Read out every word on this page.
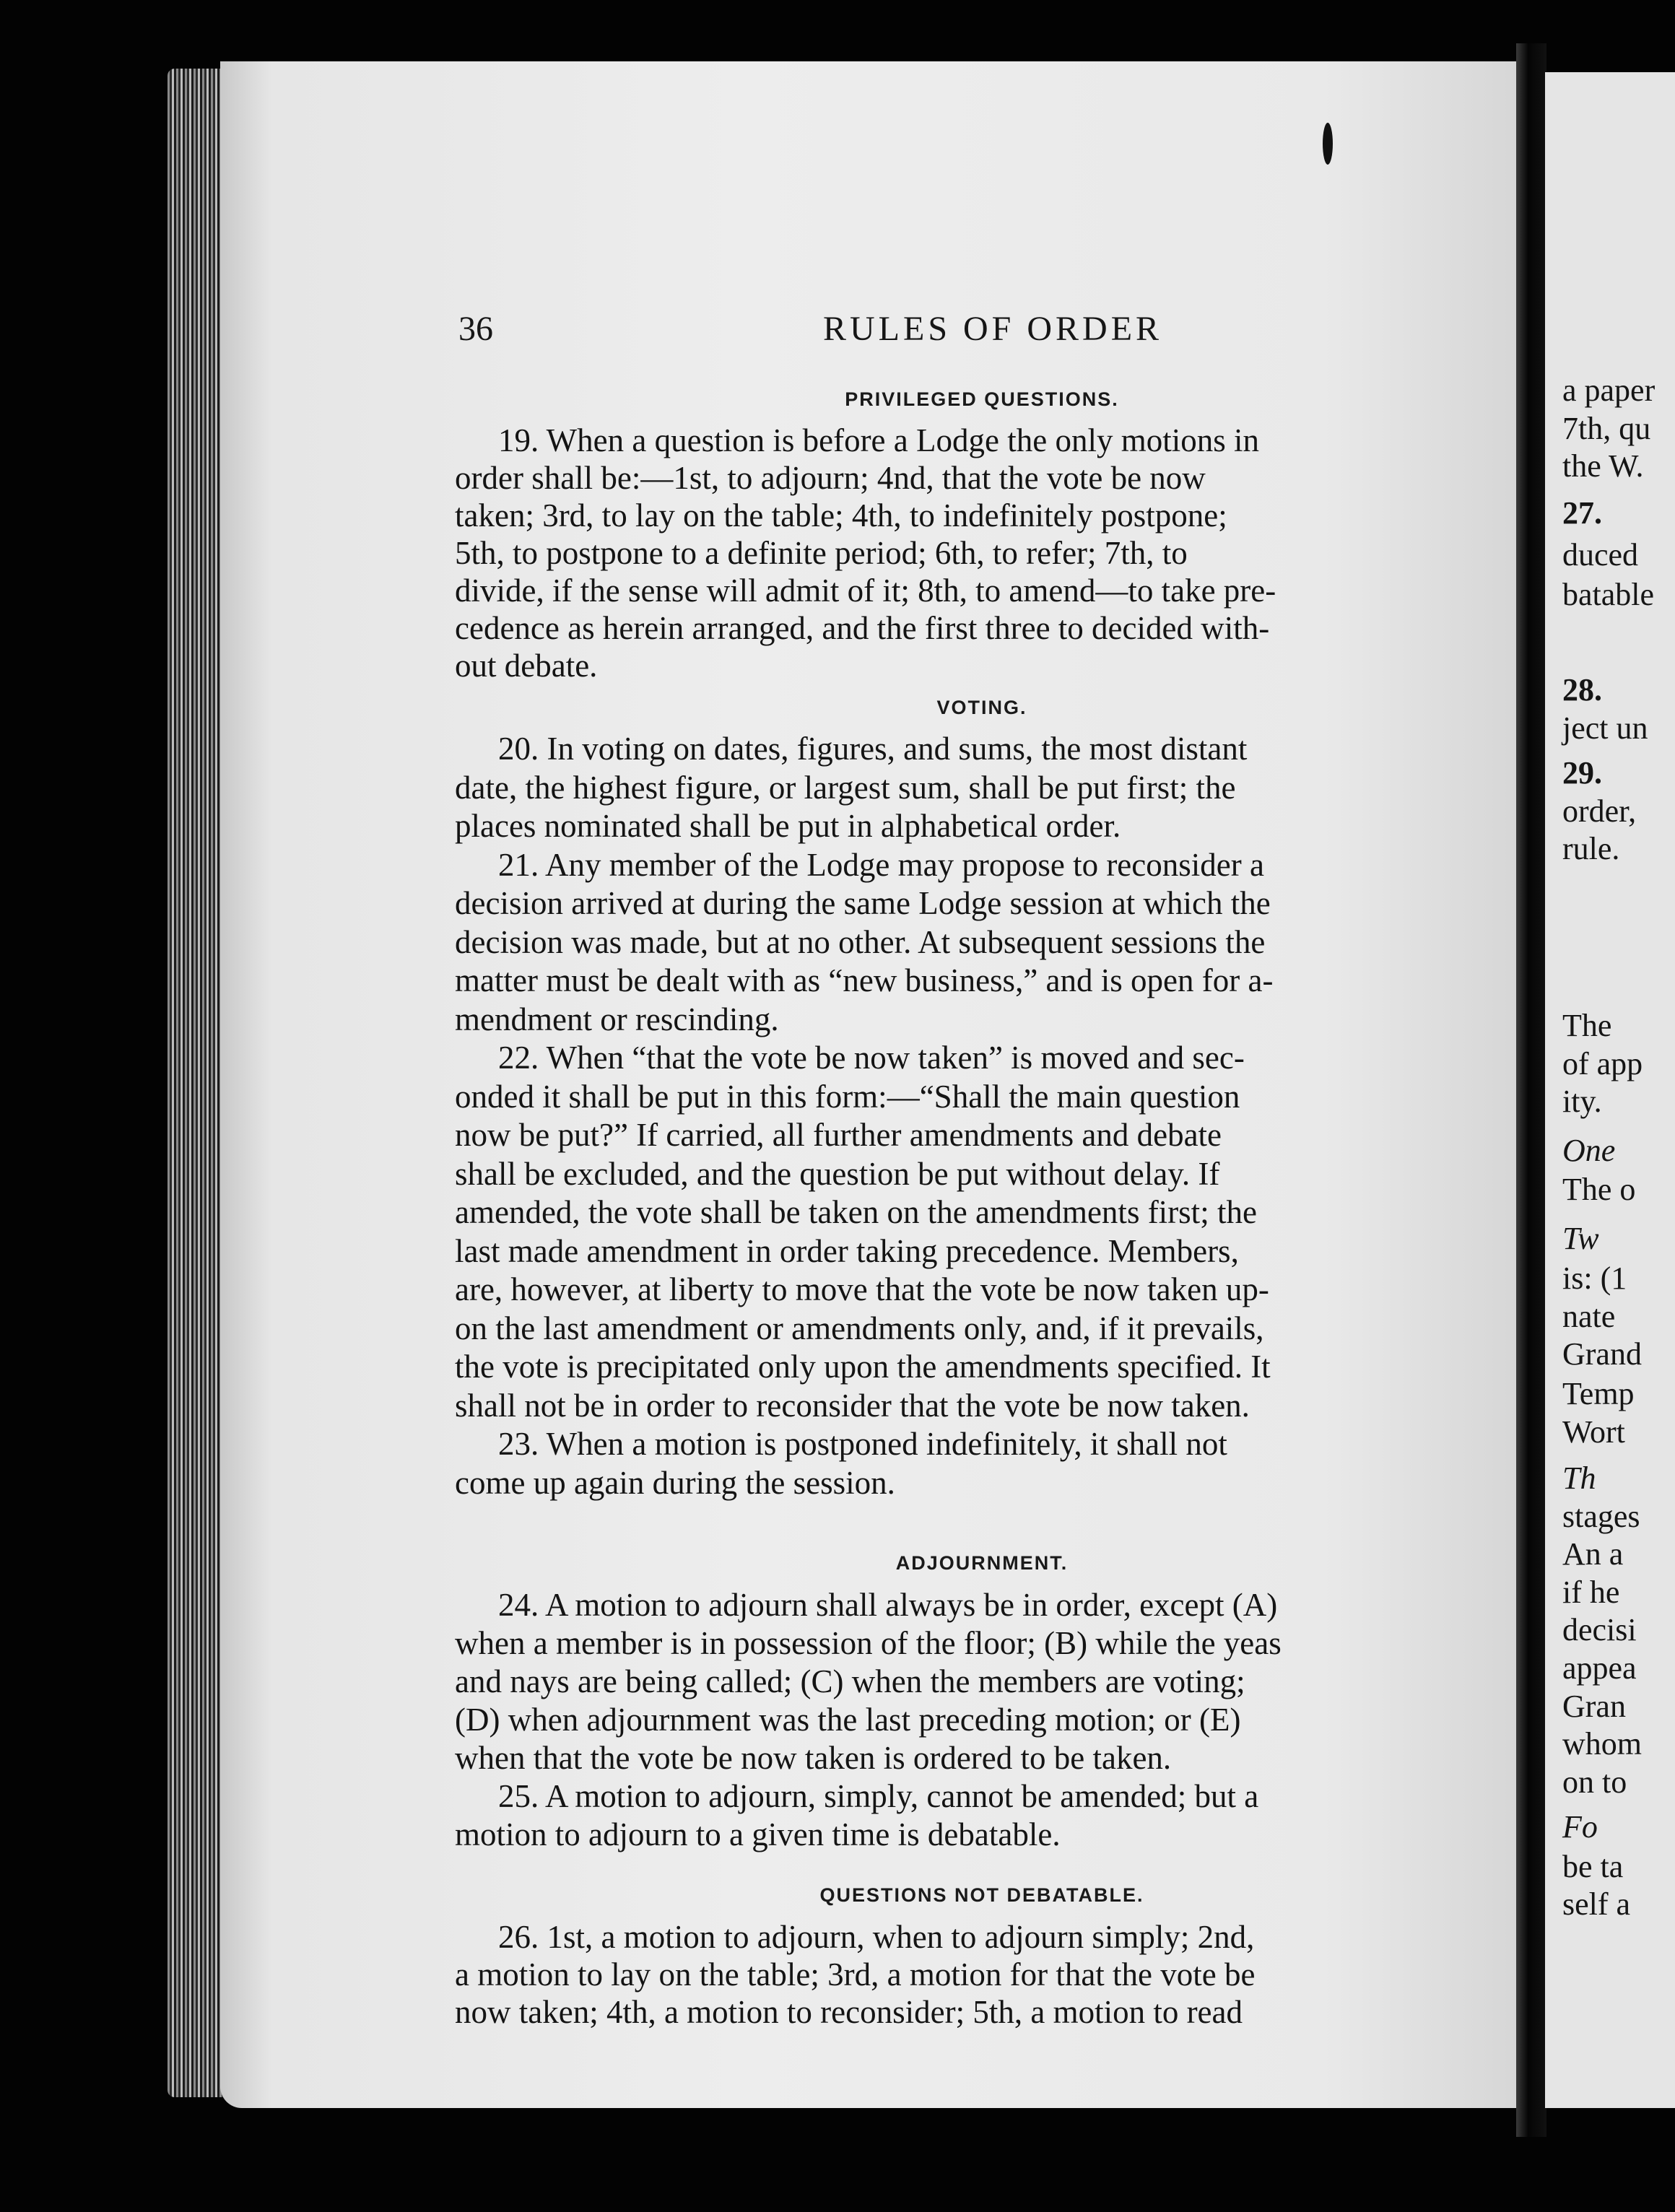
36	RULES OF ORDER
PRIVILEGED QUESTIONS.
19. When a question is before a Lodge the only motions in
order shall be:—1st, to adjourn; 4nd, that the vote be now
taken; 3rd, to lay on the table; 4th, to indefinitely postpone;
5th, to postpone to a definite period; 6th, to refer; 7th, to
divide, if the sense will admit of it; 8th, to amend—to take pre-
cedence as herein arranged, and the first three to decided with-
out debate.
VOTING.
20. In voting on dates, figures, and sums, the most distant
date, the highest figure, or largest sum, shall be put first; the
places nominated shall be put in alphabetical order.
21. Any member of the Lodge may propose to reconsider a
decision arrived at during the same Lodge session at which the
decision was made, but at no other. At subsequent sessions the
matter must be dealt with as “new business,” and is open for a-
mendment or rescinding.
22. When “that the vote be now taken” is moved and sec-
onded it shall be put in this form:—“Shall the main question
now be put?” If carried, all further amendments and debate
shall be excluded, and the question be put without delay. If
amended, the vote shall be taken on the amendments first; the
last made amendment in order taking precedence. Members,
are, however, at liberty to move that the vote be now taken up-
on the last amendment or amendments only, and, if it prevails,
the vote is precipitated only upon the amendments specified. It
shall not be in order to reconsider that the vote be now taken.
23. When a motion is postponed indefinitely, it shall not
come up again during the session.
ADJOURNMENT.
24. A motion to adjourn shall always be in order, except (A)
when a member is in possession of the floor; (B) while the yeas
and nays are being called; (C) when the members are voting;
(D) when adjournment was the last preceding motion; or (E)
when that the vote be now taken is ordered to be taken.
25. A motion to adjourn, simply, cannot be amended; but a
motion to adjourn to a given time is debatable.
QUESTIONS NOT DEBATABLE.
26. 1st, a motion to adjourn, when to adjourn simply; 2nd,
a motion to lay on the table; 3rd, a motion for that the vote be
now taken; 4th, a motion to reconsider; 5th, a motion to read
a paper
7th, qu
the W.
27.
duced
batable
28.
ject un
29.
order,
rule.
The
of app
ity.
One
The o
Tw
is: (1
nate
Grand
Temp
Wort
Th
stages
An a
if he
decisi
appea
Gran
whom
on to
Fo
be ta
self a
